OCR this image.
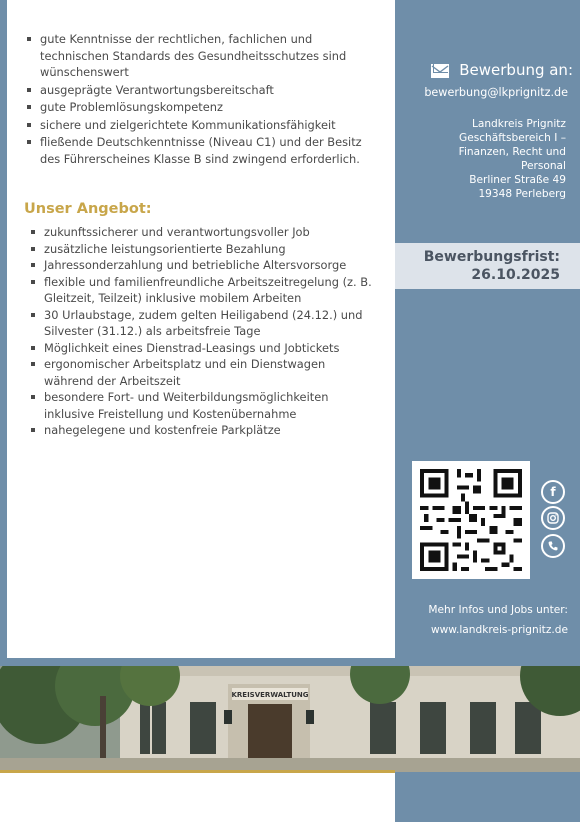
gute Kenntnisse der rechtlichen, fachlichen und technischen Standards des Gesundheitsschutzes sind wünschenswert
ausgeprägte Verantwortungsbereitschaft
gute Problemlösungskompetenz
sichere und zielgerichtete Kommunikationsfähigkeit
fließende Deutschkenntnisse (Niveau C1) und der Besitz des Führerscheines Klasse B sind zwingend erforderlich.
Unser Angebot:
zukunftssicherer und verantwortungsvoller Job
zusätzliche leistungsorientierte Bezahlung
Jahressonderzahlung und betriebliche Altersvorsorge
flexible und familienfreundliche Arbeitszeitregelung (z. B. Gleitzeit, Teilzeit) inklusive mobilem Arbeiten
30 Urlaubstage, zudem gelten Heiligabend (24.12.) und Silvester (31.12.) als arbeitsfreie Tage
Möglichkeit eines Dienstrad-Leasings und Jobtickets
ergonomischer Arbeitsplatz und ein Dienstwagen während der Arbeitszeit
besondere Fort- und Weiterbildungsmöglichkeiten inklusive Freistellung und Kostenübernahme
nahegelegene und kostenfreie Parkplätze
Bewerbung an:
bewerbung@lkprignitz.de
Landkreis Prignitz
Geschäftsbereich I –
Finanzen, Recht und
Personal
Berliner Straße 49
19348 Perleberg
Bewerbungsfrist:
26.10.2025
f
Mehr Infos und Jobs unter:
www.landkreis-prignitz.de
KREISVERWALTUNG
